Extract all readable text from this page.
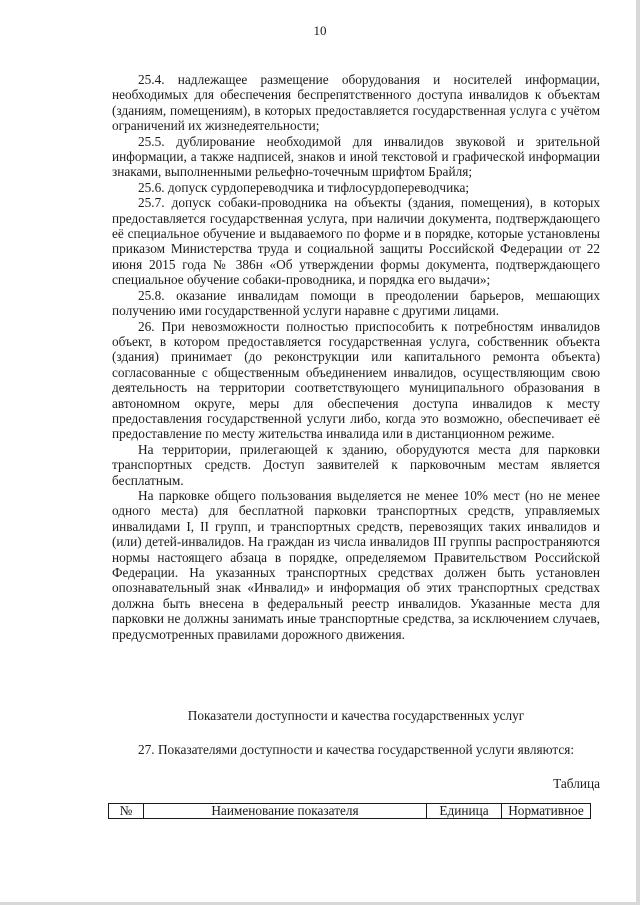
10

25.4. надлежащее размещение оборудования и носителей информации, необходимых для обеспечения беспрепятственного доступа инвалидов к объектам (зданиям, помещениям), в которых предоставляется государственная услуга с учётом ограничений их жизнедеятельности;

25.5. дублирование необходимой для инвалидов звуковой и зрительной информации, а также надписей, знаков и иной текстовой и графической информации знаками, выполненными рельефно-точечным шрифтом Брайля;

25.6. допуск сурдопереводчика и тифлосурдопереводчика;

25.7. допуск собаки-проводника на объекты (здания, помещения), в которых предоставляется государственная услуга, при наличии документа, подтверждающего её специальное обучение и выдаваемого по форме и в порядке, которые установлены приказом Министерства труда и социальной защиты Российской Федерации от 22 июня 2015 года № 386н «Об утверждении формы документа, подтверждающего специальное обучение собаки-проводника, и порядка его выдачи»;

25.8. оказание инвалидам помощи в преодолении барьеров, мешающих получению ими государственной услуги наравне с другими лицами.

26. При невозможности полностью приспособить к потребностям инвалидов объект, в котором предоставляется государственная услуга, собственник объекта (здания) принимает (до реконструкции или капитального ремонта объекта) согласованные с общественным объединением инвалидов, осуществляющим свою деятельность на территории соответствующего муниципального образования в автономном округе, меры для обеспечения доступа инвалидов к месту предоставления государственной услуги либо, когда это возможно, обеспечивает её предоставление по месту жительства инвалида или в дистанционном режиме.

На территории, прилегающей к зданию, оборудуются места для парковки транспортных средств. Доступ заявителей к парковочным местам является бесплатным.

На парковке общего пользования выделяется не менее 10% мест (но не менее одного места) для бесплатной парковки транспортных средств, управляемых инвалидами I, II групп, и транспортных средств, перевозящих таких инвалидов и (или) детей-инвалидов. На граждан из числа инвалидов III группы распространяются нормы настоящего абзаца в порядке, определяемом Правительством Российской Федерации. На указанных транспортных средствах должен быть установлен опознавательный знак «Инвалид» и информация об этих транспортных средствах должна быть внесена в федеральный реестр инвалидов. Указанные места для парковки не должны занимать иные транспортные средства, за исключением случаев, предусмотренных правилами дорожного движения.

Показатели доступности и качества государственных услуг

27. Показателями доступности и качества государственной услуги являются:

Таблица
№	Наименование показателя	Единица	Нормативное
